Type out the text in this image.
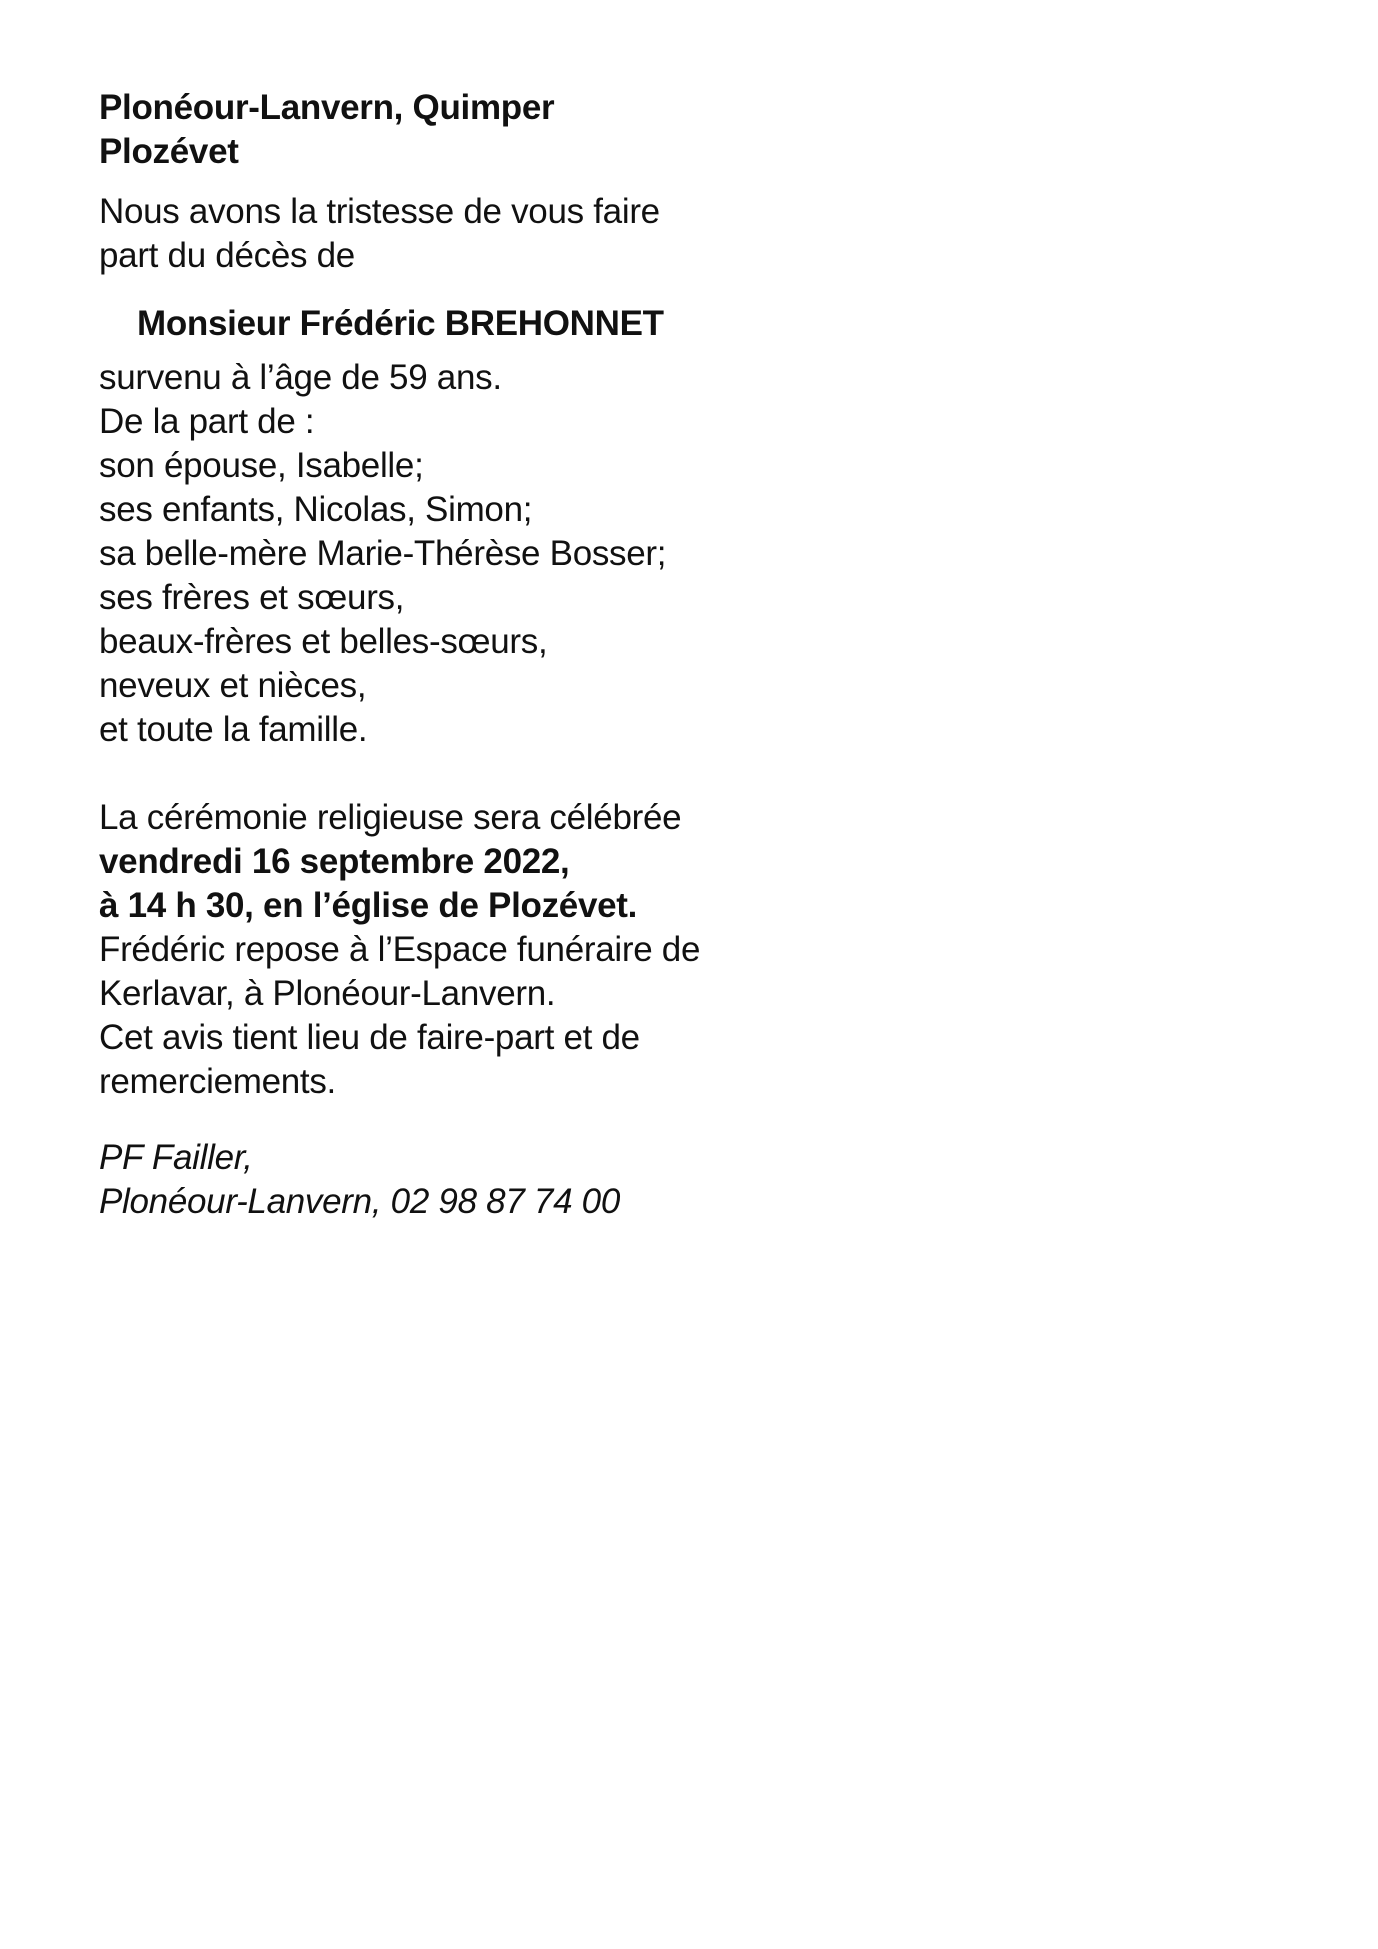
Plonéour-Lanvern, Quimper
Plozévet
Nous avons la tristesse de vous faire
part du décès de
Monsieur Frédéric BREHONNET
survenu à l’âge de 59 ans.
De la part de :
son épouse, Isabelle;
ses enfants, Nicolas, Simon;
sa belle-mère Marie-Thérèse Bosser;
ses frères et sœurs,
beaux-frères et belles-sœurs,
neveux et nièces,
et toute la famille.
La cérémonie religieuse sera célébrée
vendredi 16 septembre 2022,
à 14 h 30, en l’église de Plozévet.
Frédéric repose à l’Espace funéraire de
Kerlavar, à Plonéour-Lanvern.
Cet avis tient lieu de faire-part et de
remerciements.
PF Failler,
Plonéour-Lanvern, 02 98 87 74 00
